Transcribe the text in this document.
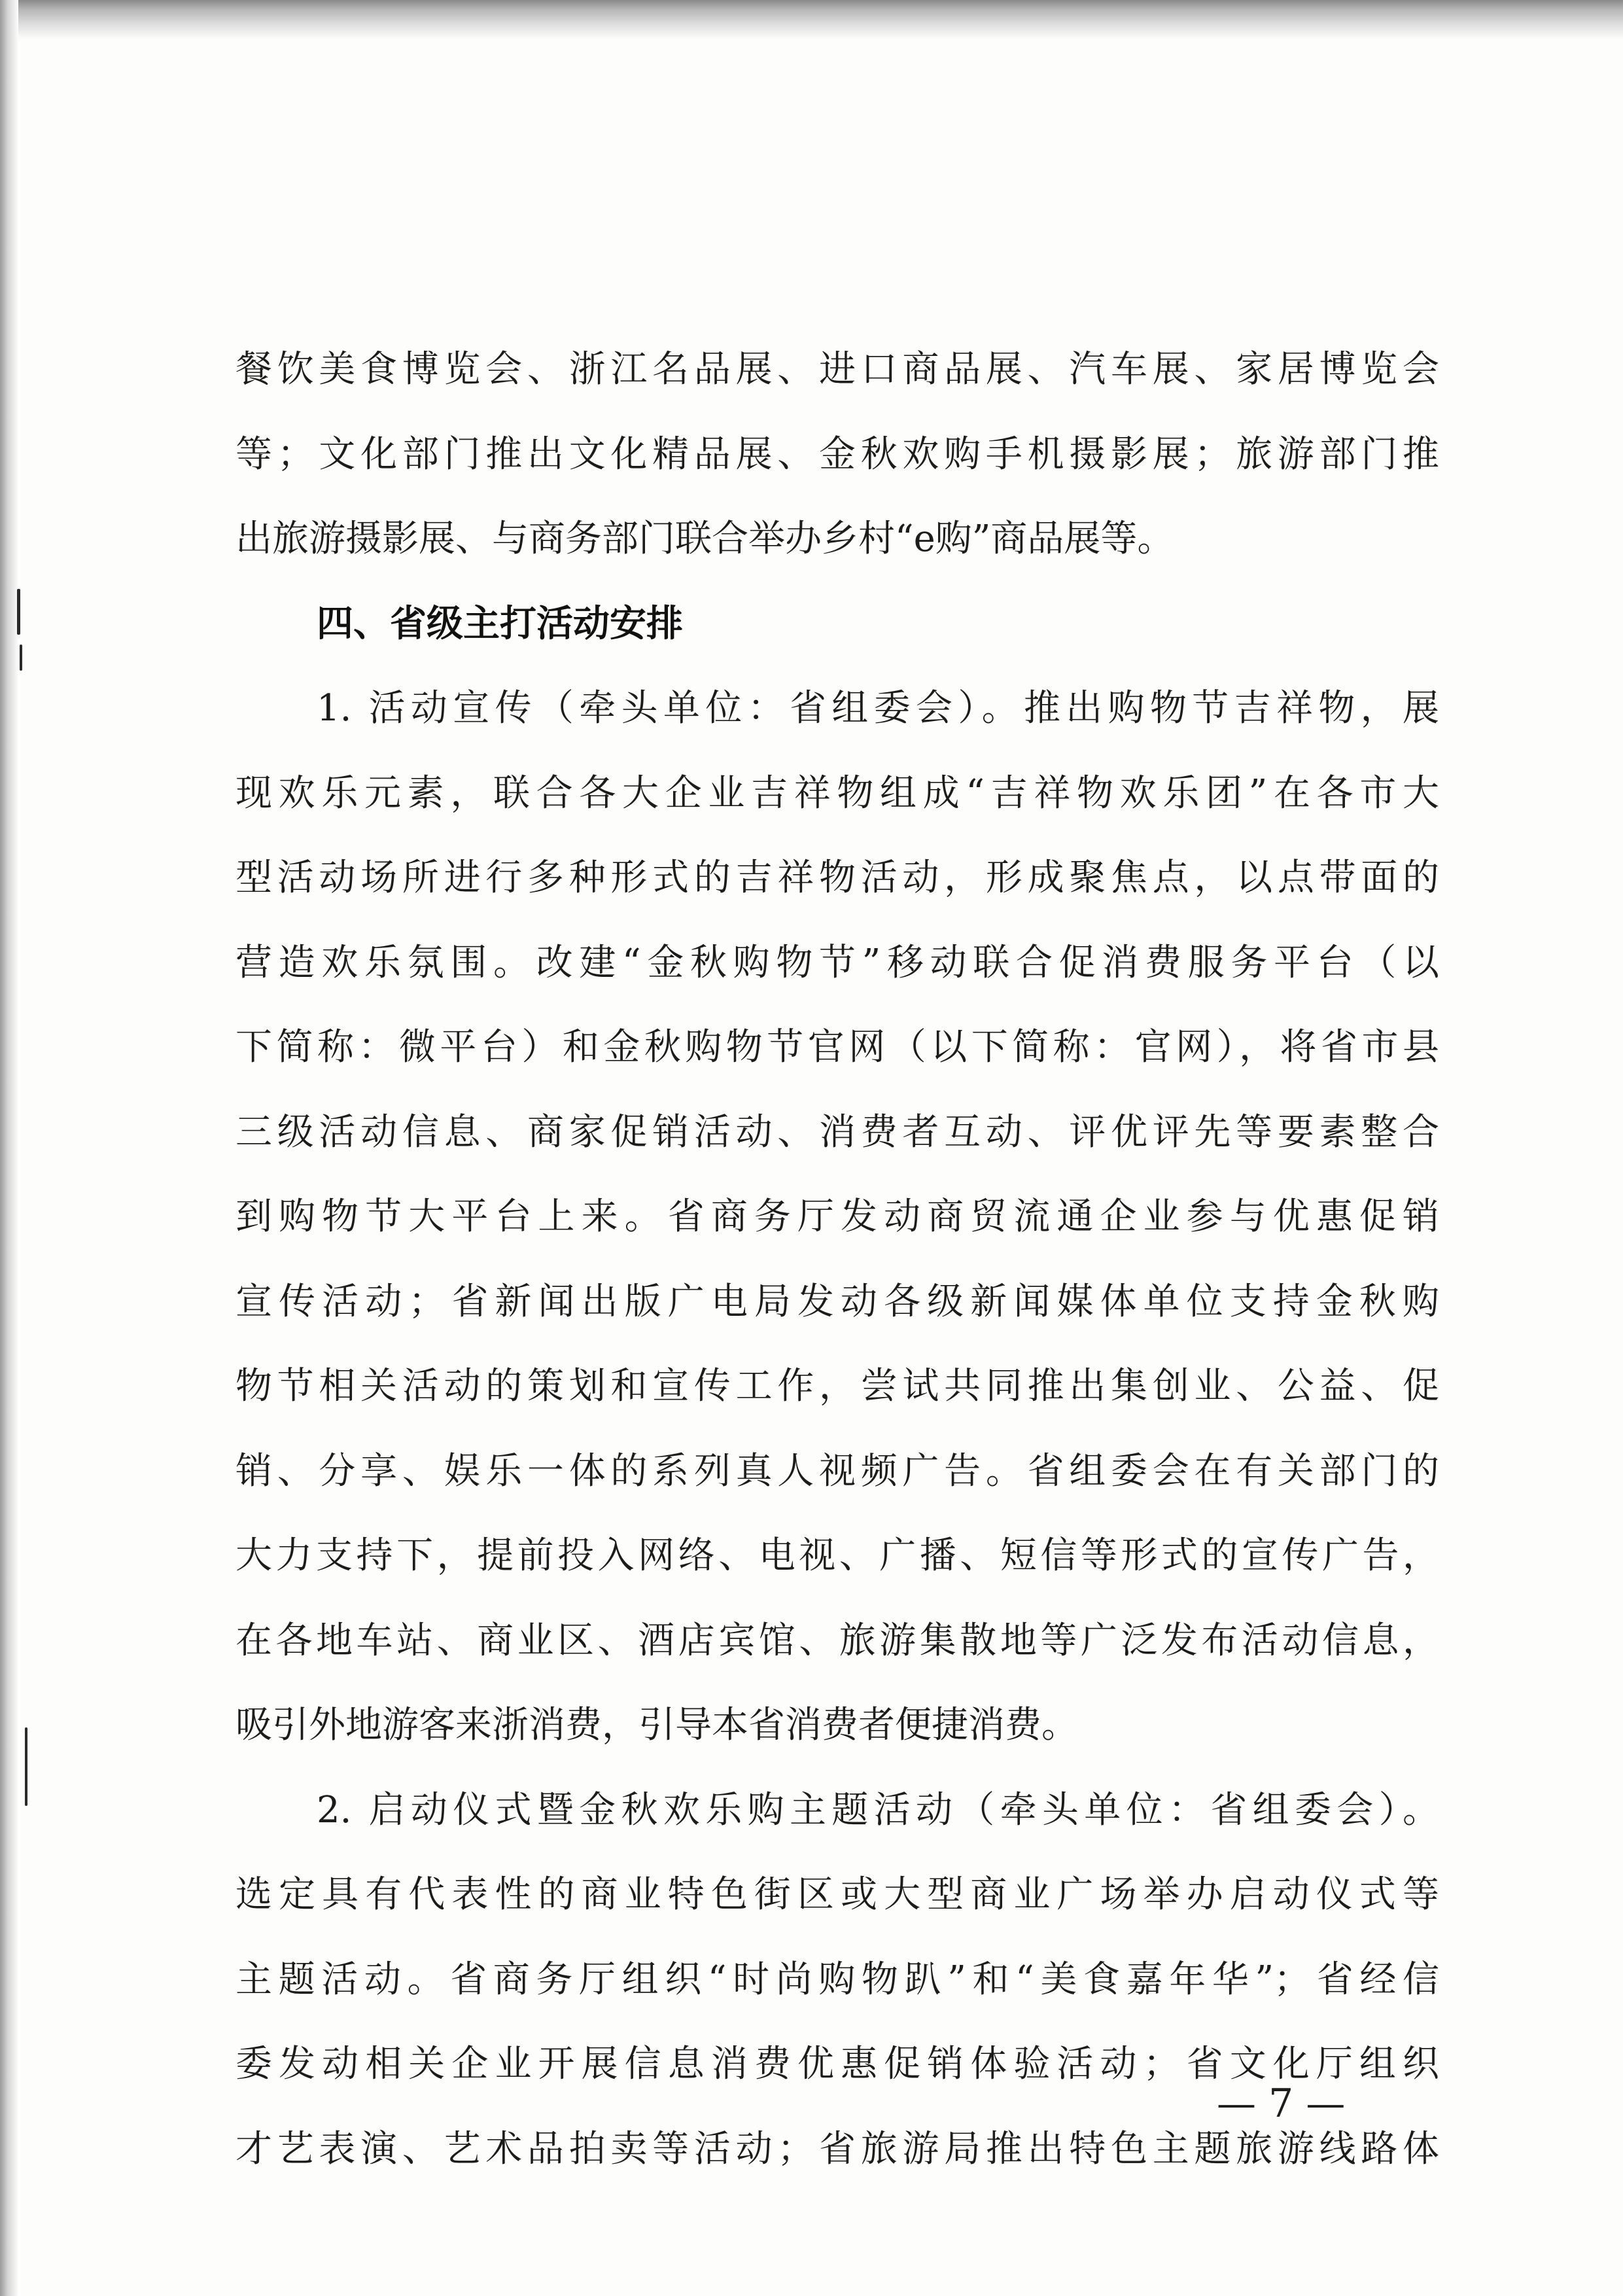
餐饮美食博览会、浙江名品展、进口商品展、汽车展、家居博览会
等；文化部门推出文化精品展、金秋欢购手机摄影展；旅游部门推
出旅游摄影展、与商务部门联合举办乡村“e购”商品展等。
四、省级主打活动安排
1. 活动宣传（牵头单位：省组委会）。推出购物节吉祥物，展
现欢乐元素，联合各大企业吉祥物组成“吉祥物欢乐团”在各市大
型活动场所进行多种形式的吉祥物活动，形成聚焦点，以点带面的
营造欢乐氛围。改建“金秋购物节”移动联合促消费服务平台（以
下简称：微平台）和金秋购物节官网（以下简称：官网），将省市县
三级活动信息、商家促销活动、消费者互动、评优评先等要素整合
到购物节大平台上来。省商务厅发动商贸流通企业参与优惠促销
宣传活动；省新闻出版广电局发动各级新闻媒体单位支持金秋购
物节相关活动的策划和宣传工作，尝试共同推出集创业、公益、促
销、分享、娱乐一体的系列真人视频广告。省组委会在有关部门的
大力支持下，提前投入网络、电视、广播、短信等形式的宣传广告，
在各地车站、商业区、酒店宾馆、旅游集散地等广泛发布活动信息，
吸引外地游客来浙消费，引导本省消费者便捷消费。
2. 启动仪式暨金秋欢乐购主题活动（牵头单位：省组委会）。
选定具有代表性的商业特色街区或大型商业广场举办启动仪式等
主题活动。省商务厅组织“时尚购物趴”和“美食嘉年华”；省经信
委发动相关企业开展信息消费优惠促销体验活动；省文化厅组织
才艺表演、艺术品拍卖等活动；省旅游局推出特色主题旅游线路体
— 7 —
